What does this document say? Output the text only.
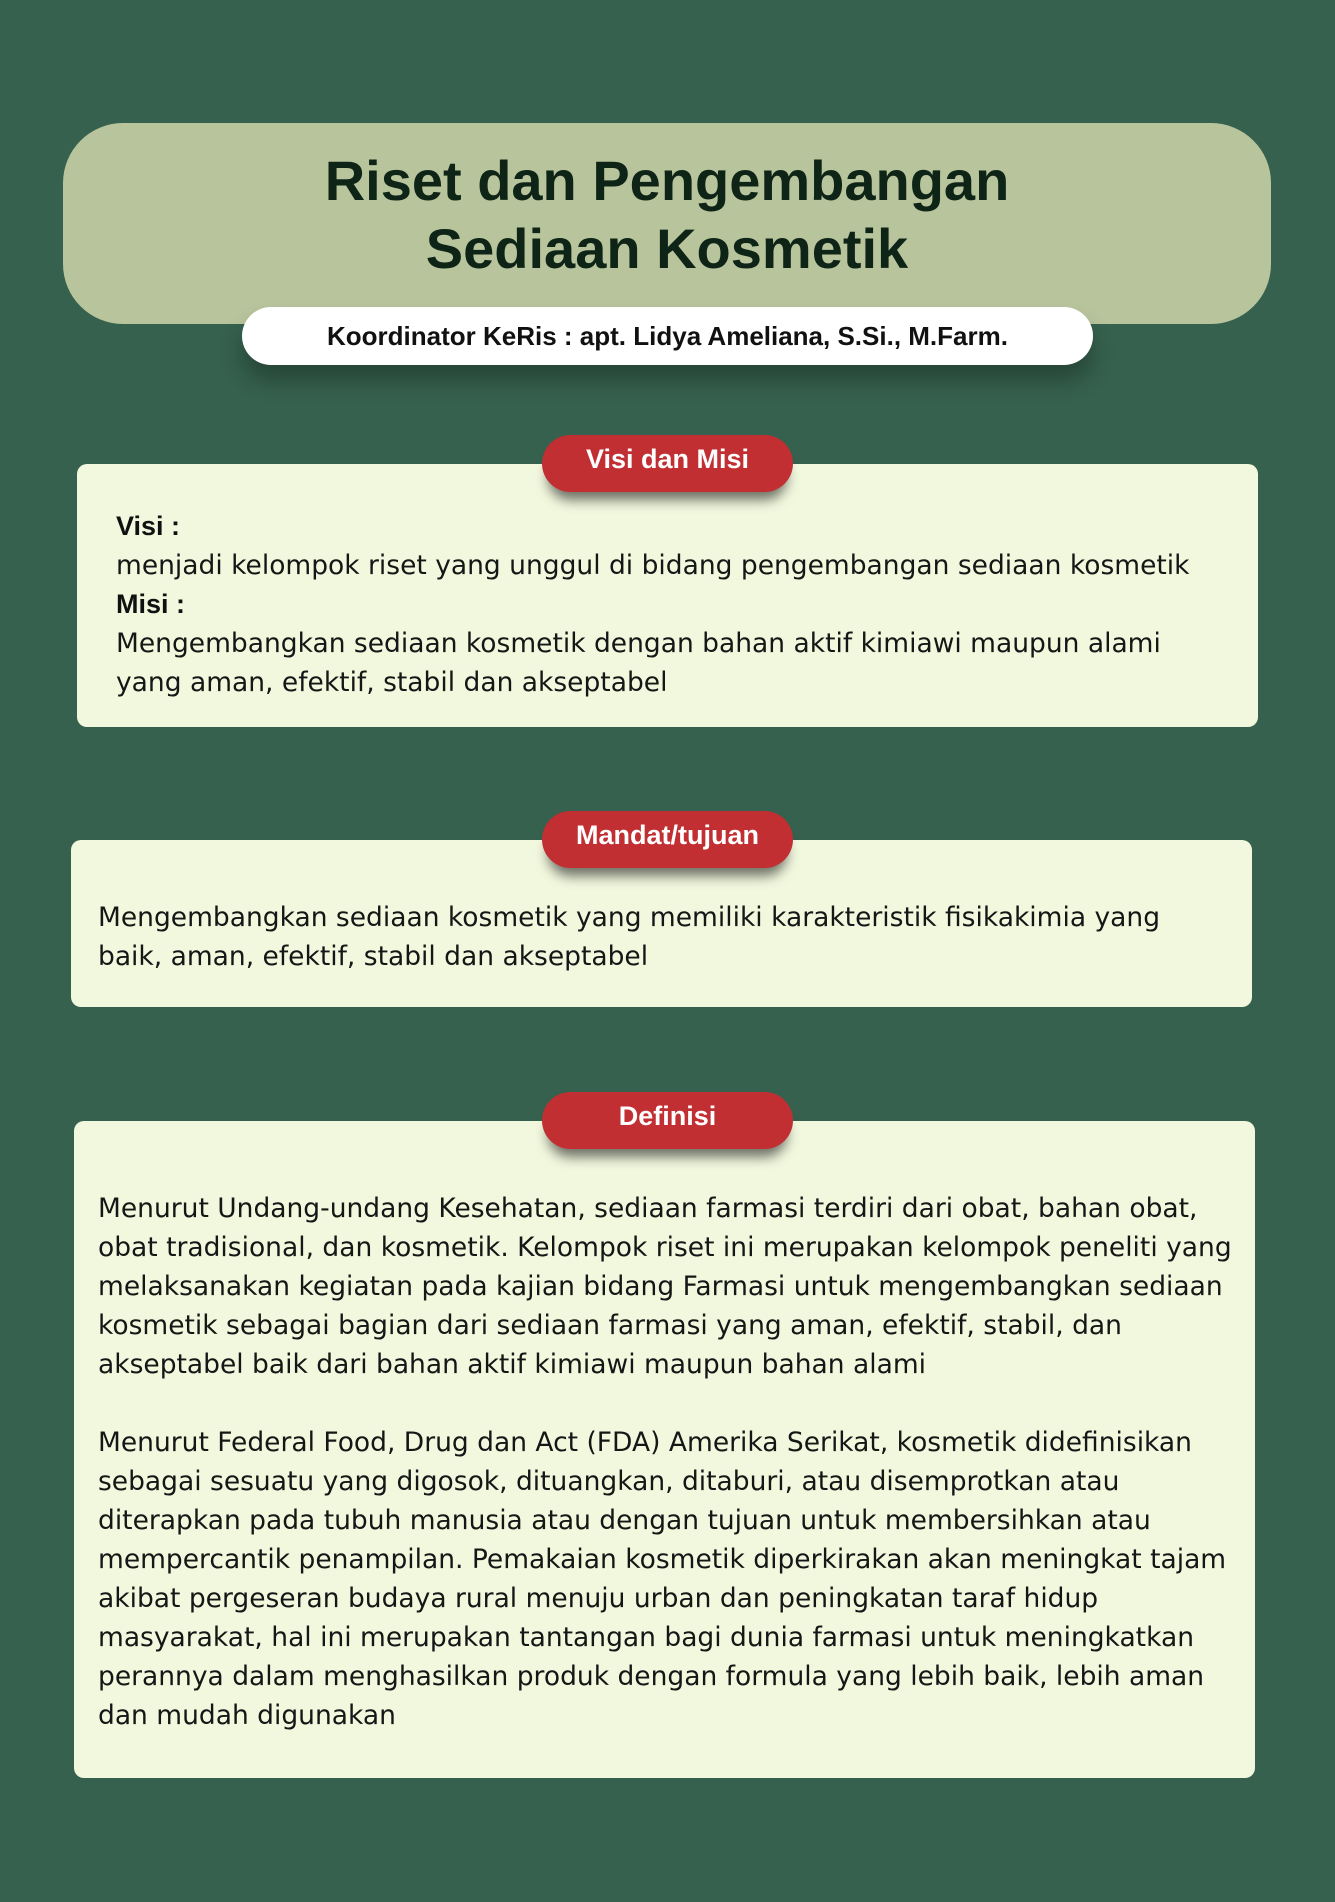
Riset dan Pengembangan
Sediaan Kosmetik
Koordinator KeRis : apt. Lidya Ameliana, S.Si., M.Farm.
Visi :

menjadi kelompok riset yang unggul di bidang pengembangan sediaan kosmetik

Misi :

Mengembangkan sediaan kosmetik dengan bahan aktif kimiawi maupun alami yang aman, efektif, stabil dan akseptabel

Visi dan Misi

Mengembangkan sediaan kosmetik yang memiliki karakteristik fisikakimia yang baik, aman, efektif, stabil dan akseptabel

Mandat/tujuan

Menurut Undang-undang Kesehatan, sediaan farmasi terdiri dari obat, bahan obat, obat tradisional, dan kosmetik. Kelompok riset ini merupakan kelompok peneliti yang melaksanakan kegiatan pada kajian bidang Farmasi untuk mengembangkan sediaan kosmetik sebagai bagian dari sediaan farmasi yang aman, efektif, stabil, dan akseptabel baik dari bahan aktif kimiawi maupun bahan alami

Menurut Federal Food, Drug dan Act (FDA) Amerika Serikat, kosmetik didefinisikan sebagai sesuatu yang digosok, dituangkan, ditaburi, atau disemprotkan atau diterapkan pada tubuh manusia atau dengan tujuan untuk membersihkan atau mempercantik penampilan. Pemakaian kosmetik diperkirakan akan meningkat tajam akibat pergeseran budaya rural menuju urban dan peningkatan taraf hidup masyarakat, hal ini merupakan tantangan bagi dunia farmasi untuk meningkatkan perannya dalam menghasilkan produk dengan formula yang lebih baik, lebih aman dan mudah digunakan

Definisi
